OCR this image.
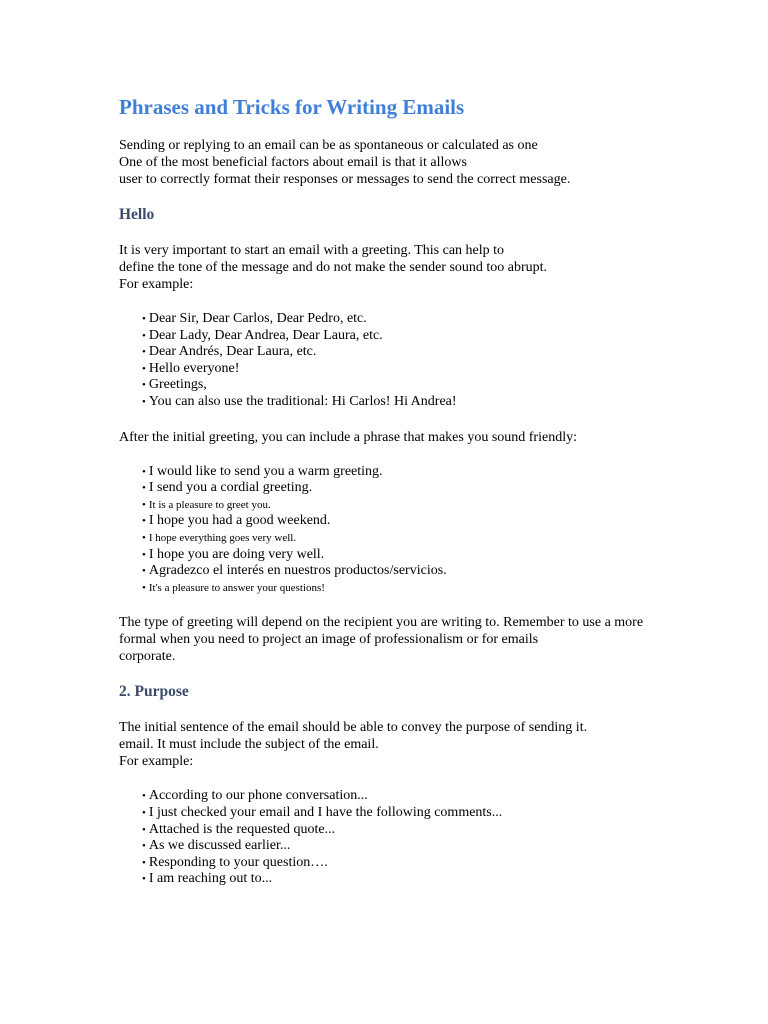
Phrases and Tricks for Writing Emails

Sending or replying to an email can be as spontaneous or calculated as one
One of the most beneficial factors about email is that it allows
user to correctly format their responses or messages to send the correct message.

Hello

It is very important to start an email with a greeting. This can help to
define the tone of the message and do not make the sender sound too abrupt.
For example:

• Dear Sir, Dear Carlos, Dear Pedro, etc.
• Dear Lady, Dear Andrea, Dear Laura, etc.
• Dear Andrés, Dear Laura, etc.
• Hello everyone!
• Greetings,
• You can also use the traditional: Hi Carlos! Hi Andrea!

After the initial greeting, you can include a phrase that makes you sound friendly:

• I would like to send you a warm greeting.
• I send you a cordial greeting.
• It is a pleasure to greet you.
• I hope you had a good weekend.
• I hope everything goes very well.
• I hope you are doing very well.
• Agradezco el interés en nuestros productos/servicios.
• It's a pleasure to answer your questions!

The type of greeting will depend on the recipient you are writing to. Remember to use a more
formal when you need to project an image of professionalism or for emails
corporate.

2. Purpose

The initial sentence of the email should be able to convey the purpose of sending it.
email. It must include the subject of the email.
For example:

• According to our phone conversation...
• I just checked your email and I have the following comments...
• Attached is the requested quote...
• As we discussed earlier...
• Responding to your question….
• I am reaching out to...
